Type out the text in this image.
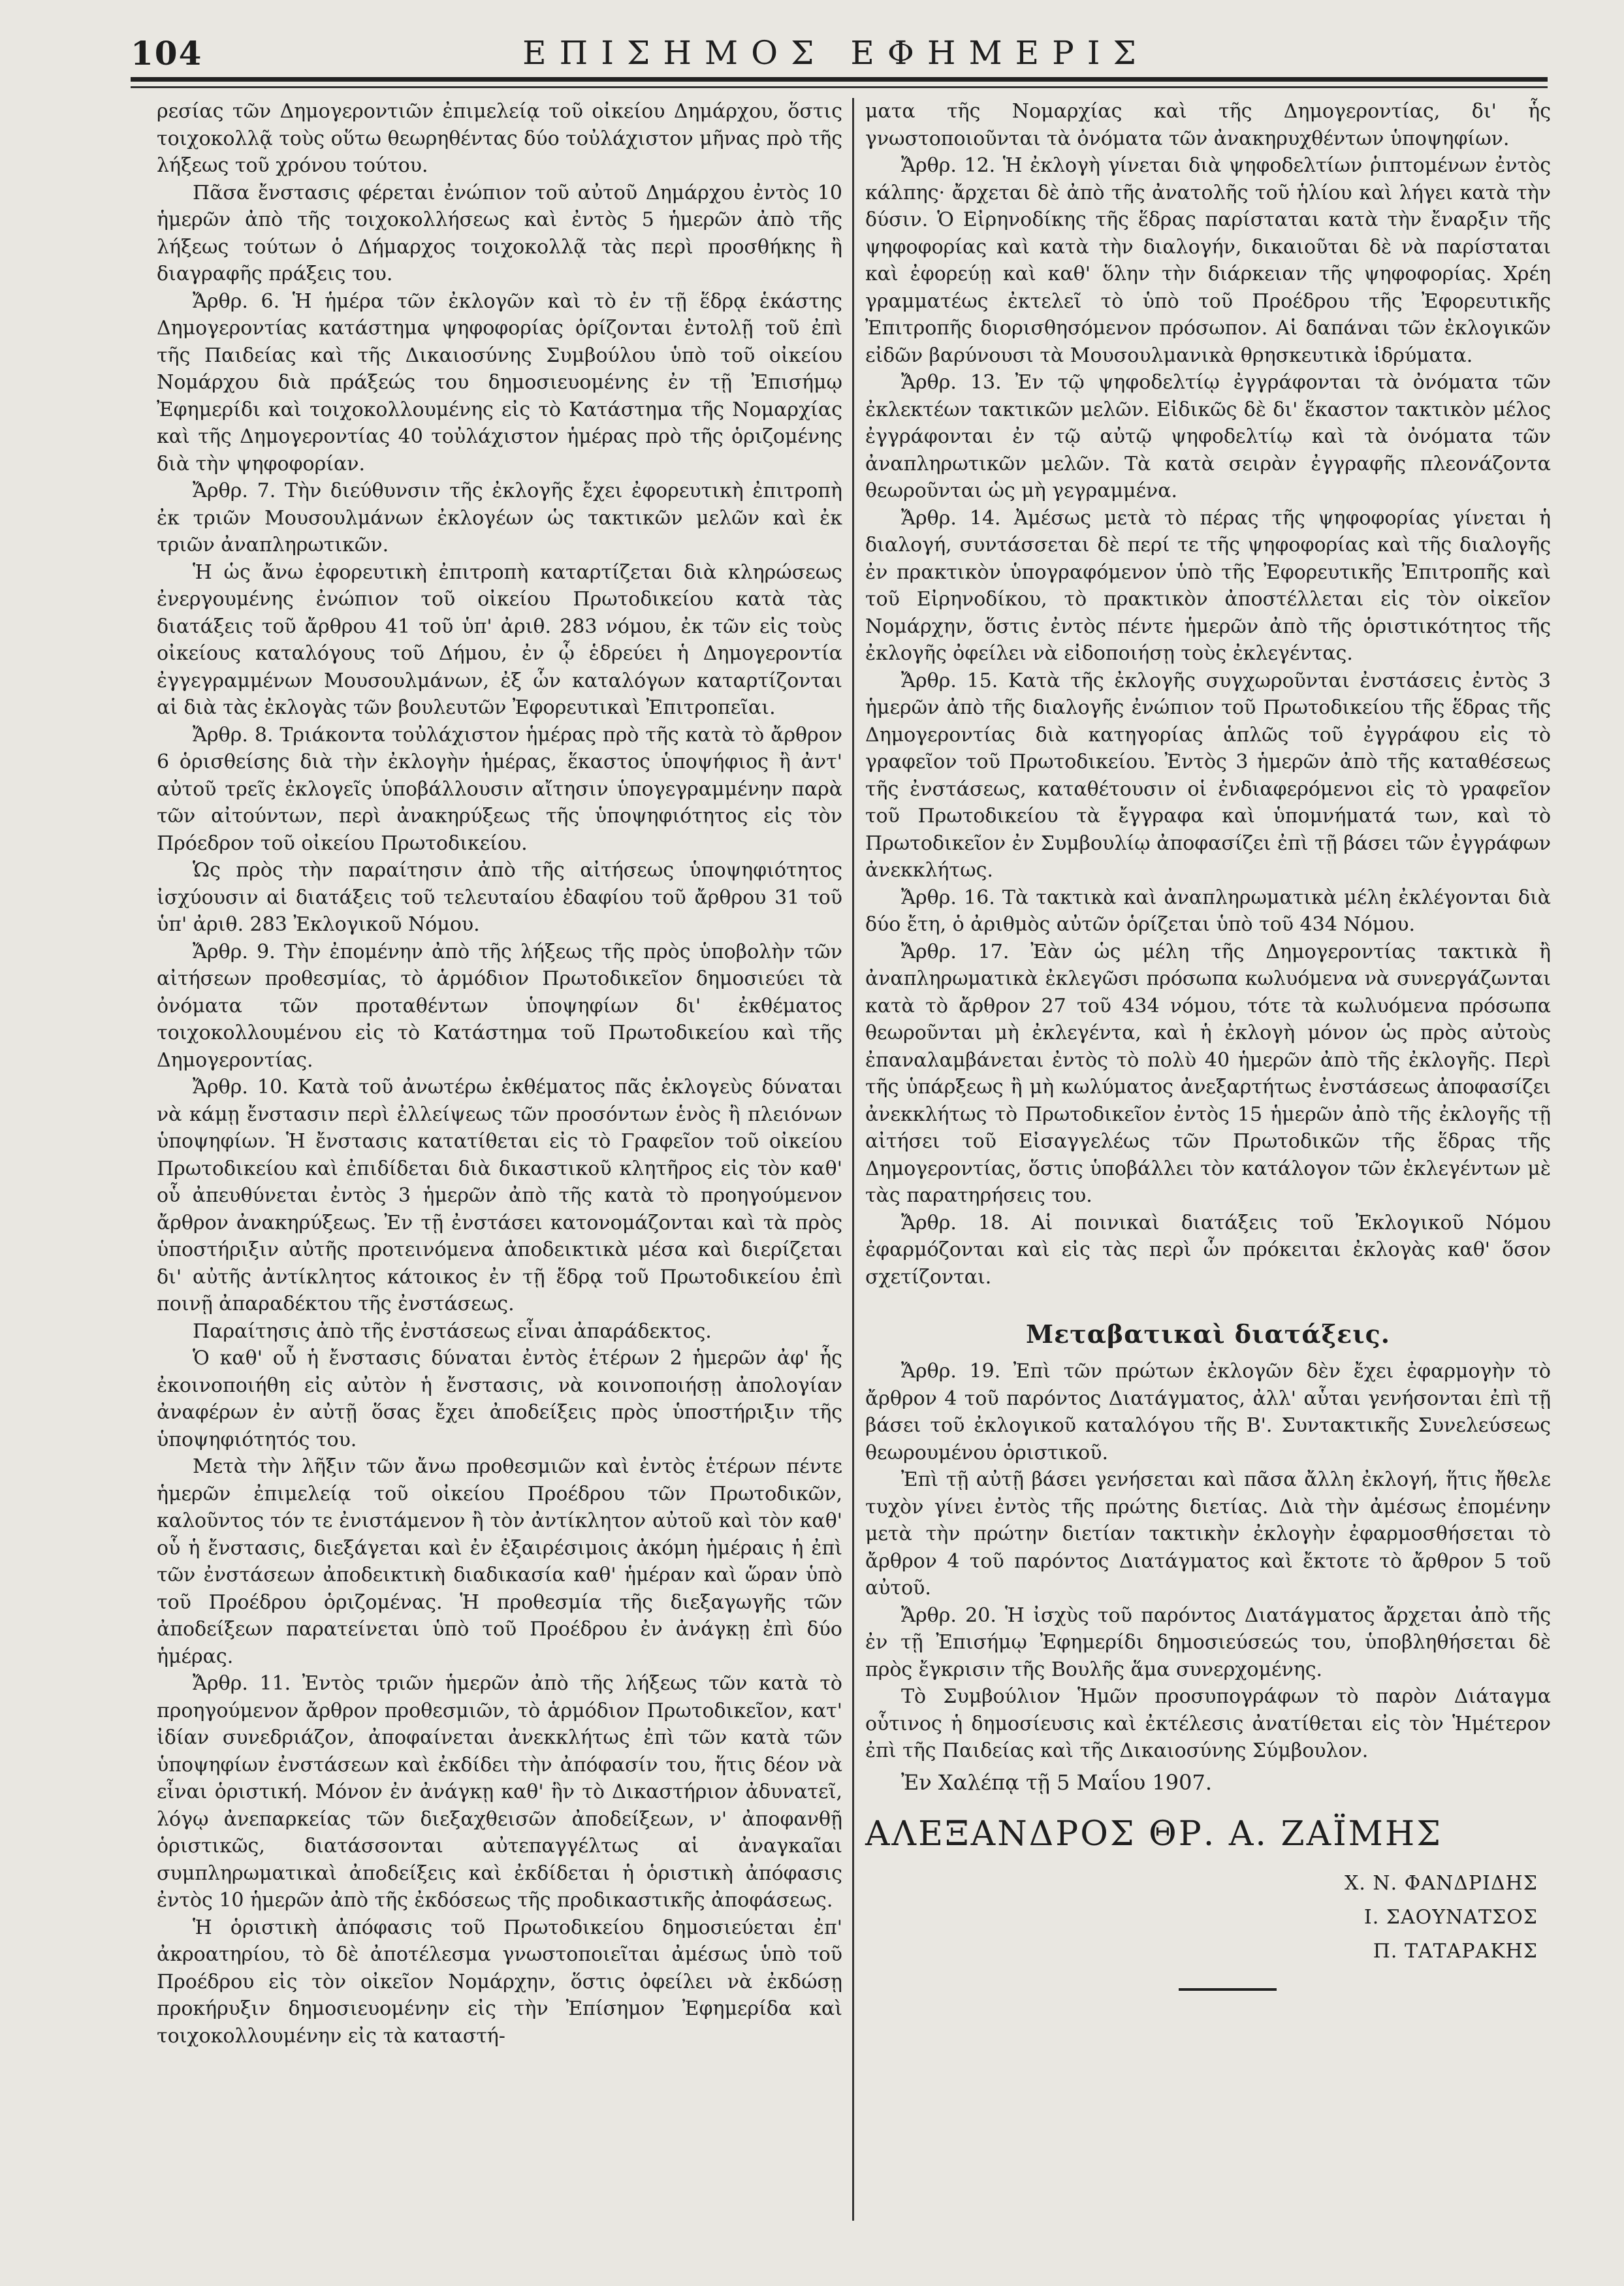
104	ΕΠΙΣΗΜΟΣ ΕΦΗΜΕΡΙΣ

ρεσίας τῶν Δημογεροντιῶν ἐπιμελείᾳ τοῦ οἰκείου Δημάρχου, ὅστις τοιχοκολλᾷ τοὺς οὕτω θεωρηθέντας δύο τοὐλάχιστον μῆνας πρὸ τῆς λήξεως τοῦ χρόνου τούτου.

Πᾶσα ἔνστασις φέρεται ἐνώπιον τοῦ αὐτοῦ Δημάρχου ἐντὸς 10 ἡμερῶν ἀπὸ τῆς τοιχοκολλήσεως καὶ ἐντὸς 5 ἡμερῶν ἀπὸ τῆς λήξεως τούτων ὁ Δήμαρχος τοιχοκολλᾷ τὰς περὶ προσθήκης ἢ διαγραφῆς πράξεις του.

Ἄρθρ. 6. Ἡ ἡμέρα τῶν ἐκλογῶν καὶ τὸ ἐν τῇ ἕδρᾳ ἑκάστης Δημογεροντίας κατάστημα ψηφοφορίας ὁρίζονται ἐντολῇ τοῦ ἐπὶ τῆς Παιδείας καὶ τῆς Δικαιοσύνης Συμβούλου ὑπὸ τοῦ οἰκείου Νομάρχου διὰ πράξεώς του δημοσιευομένης ἐν τῇ Ἐπισήμῳ Ἐφημερίδι καὶ τοιχοκολλουμένης εἰς τὸ Κατάστημα τῆς Νομαρχίας καὶ τῆς Δημογεροντίας 40 τοὐλάχιστον ἡμέρας πρὸ τῆς ὁριζομένης διὰ τὴν ψηφοφορίαν.

Ἄρθρ. 7. Τὴν διεύθυνσιν τῆς ἐκλογῆς ἔχει ἐφορευτικὴ ἐπιτροπὴ ἐκ τριῶν Μουσουλμάνων ἐκλογέων ὡς τακτικῶν μελῶν καὶ ἐκ τριῶν ἀναπληρωτικῶν.

Ἡ ὡς ἄνω ἐφορευτικὴ ἐπιτροπὴ καταρτίζεται διὰ κληρώσεως ἐνεργουμένης ἐνώπιον τοῦ οἰκείου Πρωτοδικείου κατὰ τὰς διατάξεις τοῦ ἄρθρου 41 τοῦ ὑπ' ἀριθ. 283 νόμου, ἐκ τῶν εἰς τοὺς οἰκείους καταλόγους τοῦ Δήμου, ἐν ᾧ ἑδρεύει ἡ Δημογεροντία ἐγγεγραμμένων Μουσουλμάνων, ἐξ ὧν καταλόγων καταρτίζονται αἱ διὰ τὰς ἐκλογὰς τῶν βουλευτῶν Ἐφορευτικαὶ Ἐπιτροπεῖαι.

Ἄρθρ. 8. Τριάκοντα τοὐλάχιστον ἡμέρας πρὸ τῆς κατὰ τὸ ἄρθρον 6 ὁρισθείσης διὰ τὴν ἐκλογὴν ἡμέρας, ἕκαστος ὑποψήφιος ἢ ἀντ' αὐτοῦ τρεῖς ἐκλογεῖς ὑποβάλλουσιν αἴτησιν ὑπογεγραμμένην παρὰ τῶν αἰτούντων, περὶ ἀνακηρύξεως τῆς ὑποψηφιότητος εἰς τὸν Πρόεδρον τοῦ οἰκείου Πρωτοδικείου.

Ὡς πρὸς τὴν παραίτησιν ἀπὸ τῆς αἰτήσεως ὑποψηφιότητος ἰσχύουσιν αἱ διατάξεις τοῦ τελευταίου ἐδαφίου τοῦ ἄρθρου 31 τοῦ ὑπ' ἀριθ. 283 Ἐκλογικοῦ Νόμου.

Ἄρθρ. 9. Τὴν ἐπομένην ἀπὸ τῆς λήξεως τῆς πρὸς ὑποβολὴν τῶν αἰτήσεων προθεσμίας, τὸ ἁρμόδιον Πρωτοδικεῖον δημοσιεύει τὰ ὀνόματα τῶν προταθέντων ὑποψηφίων δι' ἐκθέματος τοιχοκολλουμένου εἰς τὸ Κατάστημα τοῦ Πρωτοδικείου καὶ τῆς Δημογεροντίας.

Ἄρθρ. 10. Κατὰ τοῦ ἀνωτέρω ἐκθέματος πᾶς ἐκλογεὺς δύναται νὰ κάμῃ ἔνστασιν περὶ ἐλλείψεως τῶν προσόντων ἑνὸς ἢ πλειόνων ὑποψηφίων. Ἡ ἔνστασις κατατίθεται εἰς τὸ Γραφεῖον τοῦ οἰκείου Πρωτοδικείου καὶ ἐπιδίδεται διὰ δικαστικοῦ κλητῆρος εἰς τὸν καθ' οὗ ἀπευθύνεται ἐντὸς 3 ἡμερῶν ἀπὸ τῆς κατὰ τὸ προηγούμενον ἄρθρον ἀνακηρύξεως. Ἐν τῇ ἐνστάσει κατονομάζονται καὶ τὰ πρὸς ὑποστήριξιν αὐτῆς προτεινόμενα ἀποδεικτικὰ μέσα καὶ διερίζεται δι' αὐτῆς ἀντίκλητος κάτοικος ἐν τῇ ἕδρᾳ τοῦ Πρωτοδικείου ἐπὶ ποινῇ ἀπαραδέκτου τῆς ἐνστάσεως.

Παραίτησις ἀπὸ τῆς ἐνστάσεως εἶναι ἀπαράδεκτος.

Ὁ καθ' οὗ ἡ ἔνστασις δύναται ἐντὸς ἑτέρων 2 ἡμερῶν ἀφ' ἧς ἐκοινοποιήθη εἰς αὐτὸν ἡ ἔνστασις, νὰ κοινοποιήσῃ ἀπολογίαν ἀναφέρων ἐν αὐτῇ ὅσας ἔχει ἀποδείξεις πρὸς ὑποστήριξιν τῆς ὑποψηφιότητός του.

Μετὰ τὴν λῆξιν τῶν ἄνω προθεσμιῶν καὶ ἐντὸς ἑτέρων πέντε ἡμερῶν ἐπιμελείᾳ τοῦ οἰκείου Προέδρου τῶν Πρωτοδικῶν, καλοῦντος τόν τε ἐνιστάμενον ἢ τὸν ἀντίκλητον αὐτοῦ καὶ τὸν καθ' οὗ ἡ ἔνστασις, διεξάγεται καὶ ἐν ἐξαιρέσιμοις ἀκόμη ἡμέραις ἡ ἐπὶ τῶν ἐνστάσεων ἀποδεικτικὴ διαδικασία καθ' ἡμέραν καὶ ὥραν ὑπὸ τοῦ Προέδρου ὁριζομένας. Ἡ προθεσμία τῆς διεξαγωγῆς τῶν ἀποδείξεων παρατείνεται ὑπὸ τοῦ Προέδρου ἐν ἀνάγκῃ ἐπὶ δύο ἡμέρας.

Ἄρθρ. 11. Ἐντὸς τριῶν ἡμερῶν ἀπὸ τῆς λήξεως τῶν κατὰ τὸ προηγούμενον ἄρθρον προθεσμιῶν, τὸ ἁρμόδιον Πρωτοδικεῖον, κατ' ἰδίαν συνεδριάζον, ἀποφαίνεται ἀνεκκλήτως ἐπὶ τῶν κατὰ τῶν ὑποψηφίων ἐνστάσεων καὶ ἐκδίδει τὴν ἀπόφασίν του, ἥτις δέον νὰ εἶναι ὁριστική. Μόνον ἐν ἀνάγκῃ καθ' ἣν τὸ Δικαστήριον ἀδυνατεῖ, λόγῳ ἀνεπαρκείας τῶν διεξαχθεισῶν ἀποδείξεων, ν' ἀποφανθῇ ὁριστικῶς, διατάσσονται αὐτεπαγγέλτως αἱ ἀναγκαῖαι συμπληρωματικαὶ ἀποδείξεις καὶ ἐκδίδεται ἡ ὁριστικὴ ἀπόφασις ἐντὸς 10 ἡμερῶν ἀπὸ τῆς ἐκδόσεως τῆς προδικαστικῆς ἀποφάσεως.

Ἡ ὁριστικὴ ἀπόφασις τοῦ Πρωτοδικείου δημοσιεύεται ἐπ' ἀκροατηρίου, τὸ δὲ ἀποτέλεσμα γνωστοποιεῖται ἀμέσως ὑπὸ τοῦ Προέδρου εἰς τὸν οἰκεῖον Νομάρχην, ὅστις ὀφείλει νὰ ἐκδώσῃ προκήρυξιν δημοσιευομένην εἰς τὴν Ἐπίσημον Ἐφημερίδα καὶ τοιχοκολλουμένην εἰς τὰ καταστή-

ματα τῆς Νομαρχίας καὶ τῆς Δημογεροντίας, δι' ἧς γνωστοποιοῦνται τὰ ὀνόματα τῶν ἀνακηρυχθέντων ὑποψηφίων.

Ἄρθρ. 12. Ἡ ἐκλογὴ γίνεται διὰ ψηφοδελτίων ῥιπτομένων ἐντὸς κάλπης· ἄρχεται δὲ ἀπὸ τῆς ἀνατολῆς τοῦ ἡλίου καὶ λήγει κατὰ τὴν δύσιν. Ὁ Εἰρηνοδίκης τῆς ἕδρας παρίσταται κατὰ τὴν ἔναρξιν τῆς ψηφοφορίας καὶ κατὰ τὴν διαλογήν, δικαιοῦται δὲ νὰ παρίσταται καὶ ἐφορεύῃ καὶ καθ' ὅλην τὴν διάρκειαν τῆς ψηφοφορίας. Χρέη γραμματέως ἐκτελεῖ τὸ ὑπὸ τοῦ Προέδρου τῆς Ἐφορευτικῆς Ἐπιτροπῆς διορισθησόμενον πρόσωπον. Αἱ δαπάναι τῶν ἐκλογικῶν εἰδῶν βαρύνουσι τὰ Μουσουλμανικὰ θρησκευτικὰ ἱδρύματα.

Ἄρθρ. 13. Ἐν τῷ ψηφοδελτίῳ ἐγγράφονται τὰ ὀνόματα τῶν ἐκλεκτέων τακτικῶν μελῶν. Εἰδικῶς δὲ δι' ἕκαστον τακτικὸν μέλος ἐγγράφονται ἐν τῷ αὐτῷ ψηφοδελτίῳ καὶ τὰ ὀνόματα τῶν ἀναπληρωτικῶν μελῶν. Τὰ κατὰ σειρὰν ἐγγραφῆς πλεονάζοντα θεωροῦνται ὡς μὴ γεγραμμένα.

Ἄρθρ. 14. Ἀμέσως μετὰ τὸ πέρας τῆς ψηφοφορίας γίνεται ἡ διαλογή, συντάσσεται δὲ περί τε τῆς ψηφοφορίας καὶ τῆς διαλογῆς ἐν πρακτικὸν ὑπογραφόμενον ὑπὸ τῆς Ἐφορευτικῆς Ἐπιτροπῆς καὶ τοῦ Εἰρηνοδίκου, τὸ πρακτικὸν ἀποστέλλεται εἰς τὸν οἰκεῖον Νομάρχην, ὅστις ἐντὸς πέντε ἡμερῶν ἀπὸ τῆς ὁριστικότητος τῆς ἐκλογῆς ὀφείλει νὰ εἰδοποιήσῃ τοὺς ἐκλεγέντας.

Ἄρθρ. 15. Κατὰ τῆς ἐκλογῆς συγχωροῦνται ἐνστάσεις ἐντὸς 3 ἡμερῶν ἀπὸ τῆς διαλογῆς ἐνώπιον τοῦ Πρωτοδικείου τῆς ἕδρας τῆς Δημογεροντίας διὰ κατηγορίας ἁπλῶς τοῦ ἐγγράφου εἰς τὸ γραφεῖον τοῦ Πρωτοδικείου. Ἐντὸς 3 ἡμερῶν ἀπὸ τῆς καταθέσεως τῆς ἐνστάσεως, καταθέτουσιν οἱ ἐνδιαφερόμενοι εἰς τὸ γραφεῖον τοῦ Πρωτοδικείου τὰ ἔγγραφα καὶ ὑπομνήματά των, καὶ τὸ Πρωτοδικεῖον ἐν Συμβουλίῳ ἀποφασίζει ἐπὶ τῇ βάσει τῶν ἐγγράφων ἀνεκκλήτως.

Ἄρθρ. 16. Τὰ τακτικὰ καὶ ἀναπληρωματικὰ μέλη ἐκλέγονται διὰ δύο ἔτη, ὁ ἀριθμὸς αὐτῶν ὁρίζεται ὑπὸ τοῦ 434 Νόμου.

Ἄρθρ. 17. Ἐὰν ὡς μέλη τῆς Δημογεροντίας τακτικὰ ἢ ἀναπληρωματικὰ ἐκλεγῶσι πρόσωπα κωλυόμενα νὰ συνεργάζωνται κατὰ τὸ ἄρθρον 27 τοῦ 434 νόμου, τότε τὰ κωλυόμενα πρόσωπα θεωροῦνται μὴ ἐκλεγέντα, καὶ ἡ ἐκλογὴ μόνον ὡς πρὸς αὐτοὺς ἐπαναλαμβάνεται ἐντὸς τὸ πολὺ 40 ἡμερῶν ἀπὸ τῆς ἐκλογῆς. Περὶ τῆς ὑπάρξεως ἢ μὴ κωλύματος ἀνεξαρτήτως ἐνστάσεως ἀποφασίζει ἀνεκκλήτως τὸ Πρωτοδικεῖον ἐντὸς 15 ἡμερῶν ἀπὸ τῆς ἐκλογῆς τῇ αἰτήσει τοῦ Εἰσαγγελέως τῶν Πρωτοδικῶν τῆς ἕδρας τῆς Δημογεροντίας, ὅστις ὑποβάλλει τὸν κατάλογον τῶν ἐκλεγέντων μὲ τὰς παρατηρήσεις του.

Ἄρθρ. 18. Αἱ ποινικαὶ διατάξεις τοῦ Ἐκλογικοῦ Νόμου ἐφαρμόζονται καὶ εἰς τὰς περὶ ὧν πρόκειται ἐκλογὰς καθ' ὅσον σχετίζονται.

Μεταβατικαὶ διατάξεις.

Ἄρθρ. 19. Ἐπὶ τῶν πρώτων ἐκλογῶν δὲν ἔχει ἐφαρμογὴν τὸ ἄρθρον 4 τοῦ παρόντος Διατάγματος, ἀλλ' αὗται γενήσονται ἐπὶ τῇ βάσει τοῦ ἐκλογικοῦ καταλόγου τῆς Β'. Συντακτικῆς Συνελεύσεως θεωρουμένου ὁριστικοῦ.

Ἐπὶ τῇ αὐτῇ βάσει γενήσεται καὶ πᾶσα ἄλλη ἐκλογή, ἥτις ἤθελε τυχὸν γίνει ἐντὸς τῆς πρώτης διετίας. Διὰ τὴν ἀμέσως ἐπομένην μετὰ τὴν πρώτην διετίαν τακτικὴν ἐκλογὴν ἐφαρμοσθήσεται τὸ ἄρθρον 4 τοῦ παρόντος Διατάγματος καὶ ἔκτοτε τὸ ἄρθρον 5 τοῦ αὐτοῦ.

Ἄρθρ. 20. Ἡ ἰσχὺς τοῦ παρόντος Διατάγματος ἄρχεται ἀπὸ τῆς ἐν τῇ Ἐπισήμῳ Ἐφημερίδι δημοσιεύσεώς του, ὑποβληθήσεται δὲ πρὸς ἔγκρισιν τῆς Βουλῆς ἅμα συνερχομένης.

Τὸ Συμβούλιον Ἡμῶν προσυπογράφων τὸ παρὸν Διάταγμα οὗτινος ἡ δημοσίευσις καὶ ἐκτέλεσις ἀνατίθεται εἰς τὸν Ἡμέτερον ἐπὶ τῆς Παιδείας καὶ τῆς Δικαιοσύνης Σύμβουλον.

Ἐν Χαλέπᾳ τῇ 5 Μαΐου 1907.
ΑΛΕΞΑΝΔΡΟΣ ΘΡ. Α. ΖΑΪΜΗΣ
Χ. Ν. ΦΑΝΔΡΙΔΗΣ
Ι. ΣΑΟΥΝΑΤΣΟΣ
Π. ΤΑΤΑΡΑΚΗΣ
